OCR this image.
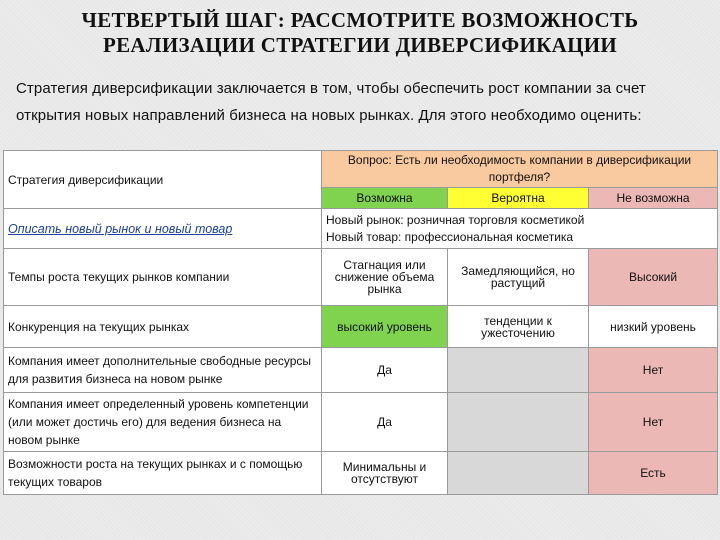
ЧЕТВЕРТЫЙ ШАГ: РАССМОТРИТЕ ВОЗМОЖНОСТЬ
РЕАЛИЗАЦИИ СТРАТЕГИИ ДИВЕРСИФИКАЦИИ
Стратегия диверсификации заключается в том, чтобы обеспечить рост компании за счет открытия новых направлений бизнеса на новых рынках. Для этого необходимо оценить:
Стратегия диверсификации	Вопрос: Есть ли необходимость компании в диверсификации портфеля?		
	Возможна	Вероятна	Не возможна
Описать новый рынок и новый товар	Новый рынок: розничная торговля косметикой
Новый товар: профессиональная косметика		

Темпы роста текущих рынков компании	Стагнация или снижение объема рынка	Замедляющийся, но растущий	Высокий
Конкуренция на текущих рынках	высокий уровень	тенденции к ужесточению	низкий уровень
Компания имеет дополнительные свободные ресурсы для развития бизнеса на новом рынке	Да		Нет
Компания имеет определенный уровень компетенции (или может достичь его) для ведения бизнеса на новом рынке	Да		Нет
Возможности роста на текущих рынках и с помощью текущих товаров	Минимальны и отсутствуют		Есть
